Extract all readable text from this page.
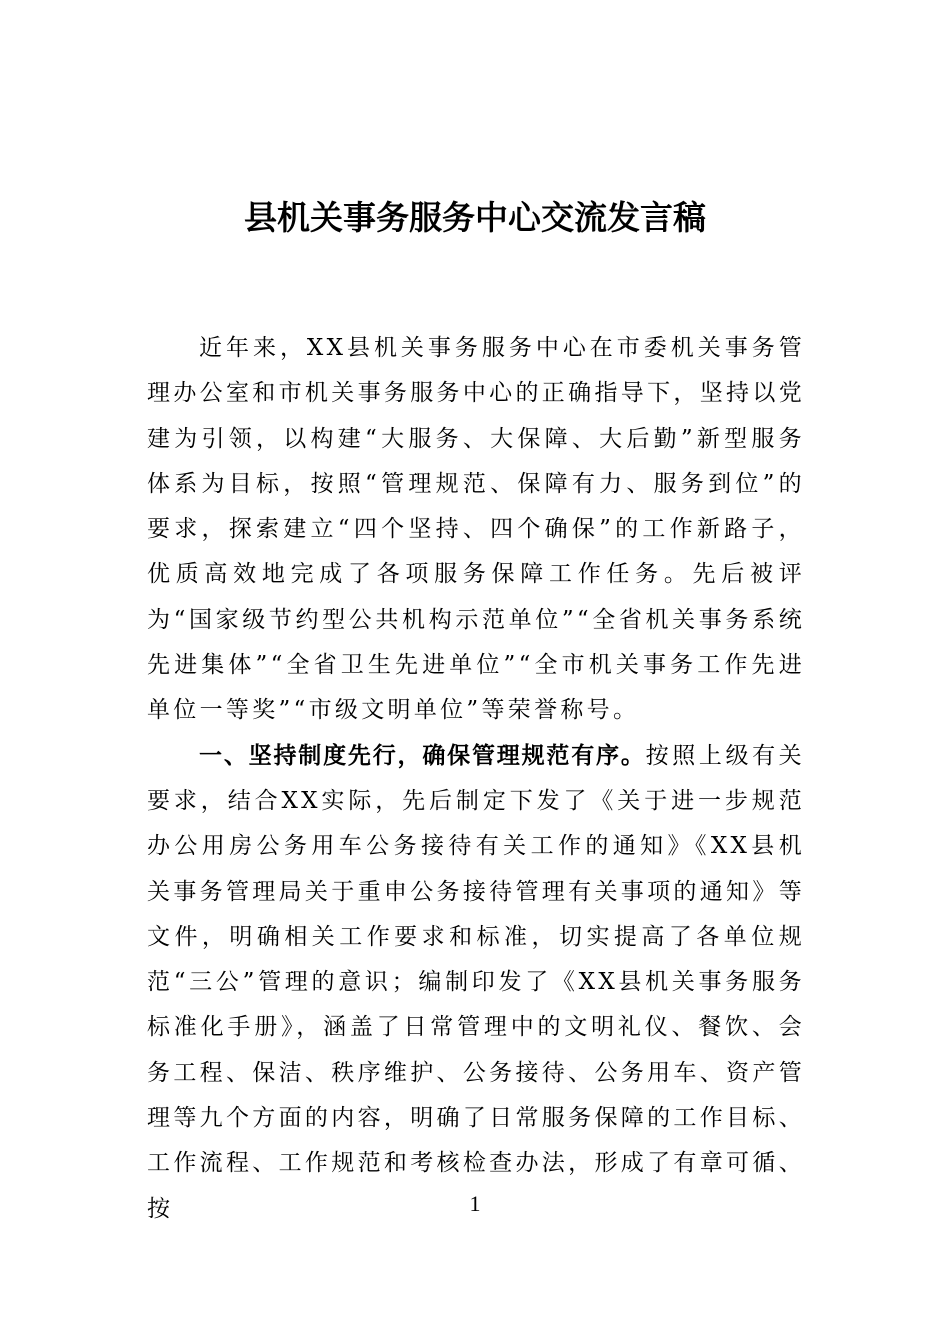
县机关事务服务中心交流发言稿

近年来，XX县机关事务服务中心在市委机关事务管理办公室和市机关事务服务中心的正确指导下，坚持以党建为引领，以构建“大服务、大保障、大后勤”新型服务体系为目标，按照“管理规范、保障有力、服务到位”的要求，探索建立“四个坚持、四个确保”的工作新路子，优质高效地完成了各项服务保障工作任务。先后被评为“国家级节约型公共机构示范单位”“全省机关事务系统先进集体”“全省卫生先进单位”“全市机关事务工作先进单位一等奖”“市级文明单位”等荣誉称号。

一、坚持制度先行，确保管理规范有序。按照上级有关要求，结合XX实际，先后制定下发了《关于进一步规范办公用房公务用车公务接待有关工作的通知》《XX县机关事务管理局关于重申公务接待管理有关事项的通知》等文件，明确相关工作要求和标准，切实提高了各单位规范“三公”管理的意识；编制印发了《XX县机关事务服务标准化手册》，涵盖了日常管理中的文明礼仪、餐饮、会务工程、保洁、秩序维护、公务接待、公务用车、资产管理等九个方面的内容，明确了日常服务保障的工作目标、工作流程、工作规范和考核检查办法，形成了有章可循、按	1
